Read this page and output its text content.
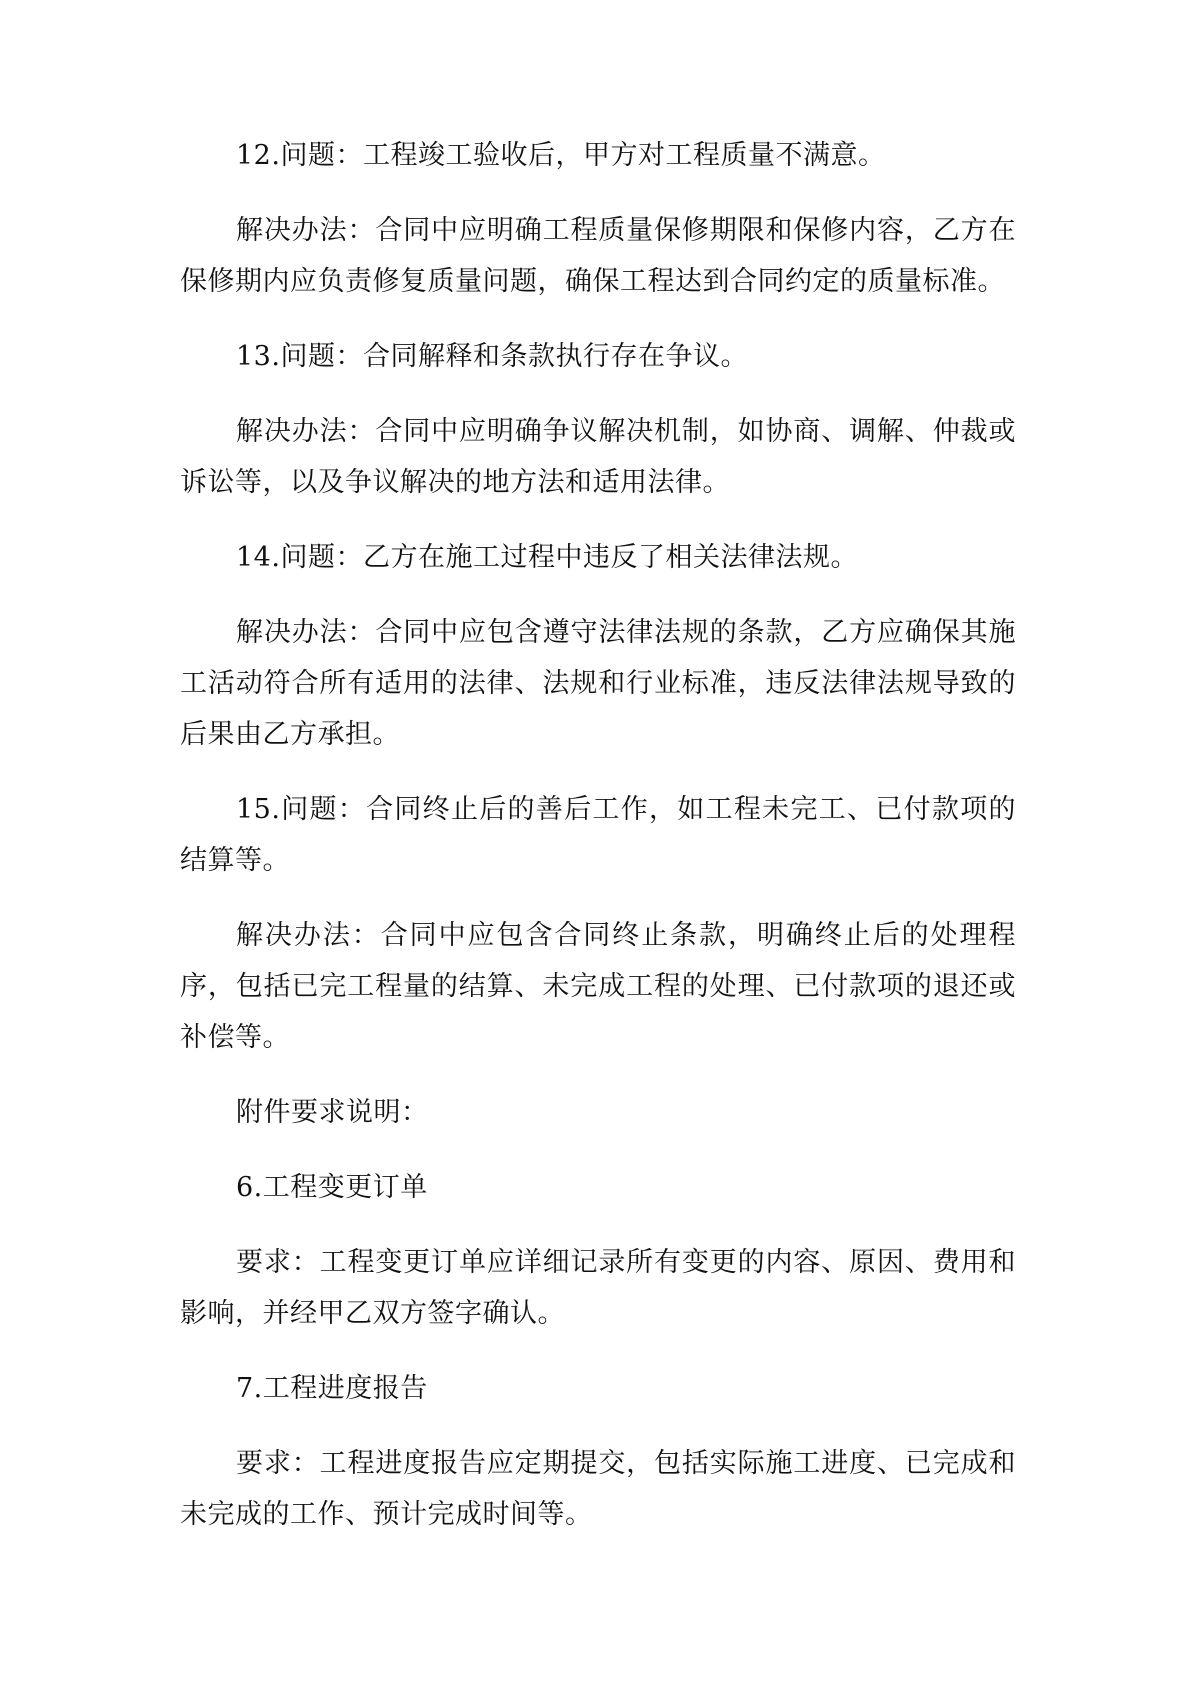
12.问题：工程竣工验收后，甲方对工程质量不满意。

解决办法：合同中应明确工程质量保修期限和保修内容，乙方在保修期内应负责修复质量问题，确保工程达到合同约定的质量标准。

13.问题：合同解释和条款执行存在争议。

解决办法：合同中应明确争议解决机制，如协商、调解、仲裁或诉讼等，以及争议解决的地方法和适用法律。

14.问题：乙方在施工过程中违反了相关法律法规。

解决办法：合同中应包含遵守法律法规的条款，乙方应确保其施工活动符合所有适用的法律、法规和行业标准，违反法律法规导致的后果由乙方承担。

15.问题：合同终止后的善后工作，如工程未完工、已付款项的结算等。

解决办法：合同中应包含合同终止条款，明确终止后的处理程序，包括已完工程量的结算、未完成工程的处理、已付款项的退还或补偿等。

附件要求说明：

6.工程变更订单

要求：工程变更订单应详细记录所有变更的内容、原因、费用和影响，并经甲乙双方签字确认。

7.工程进度报告

要求：工程进度报告应定期提交，包括实际施工进度、已完成和未完成的工作、预计完成时间等。
